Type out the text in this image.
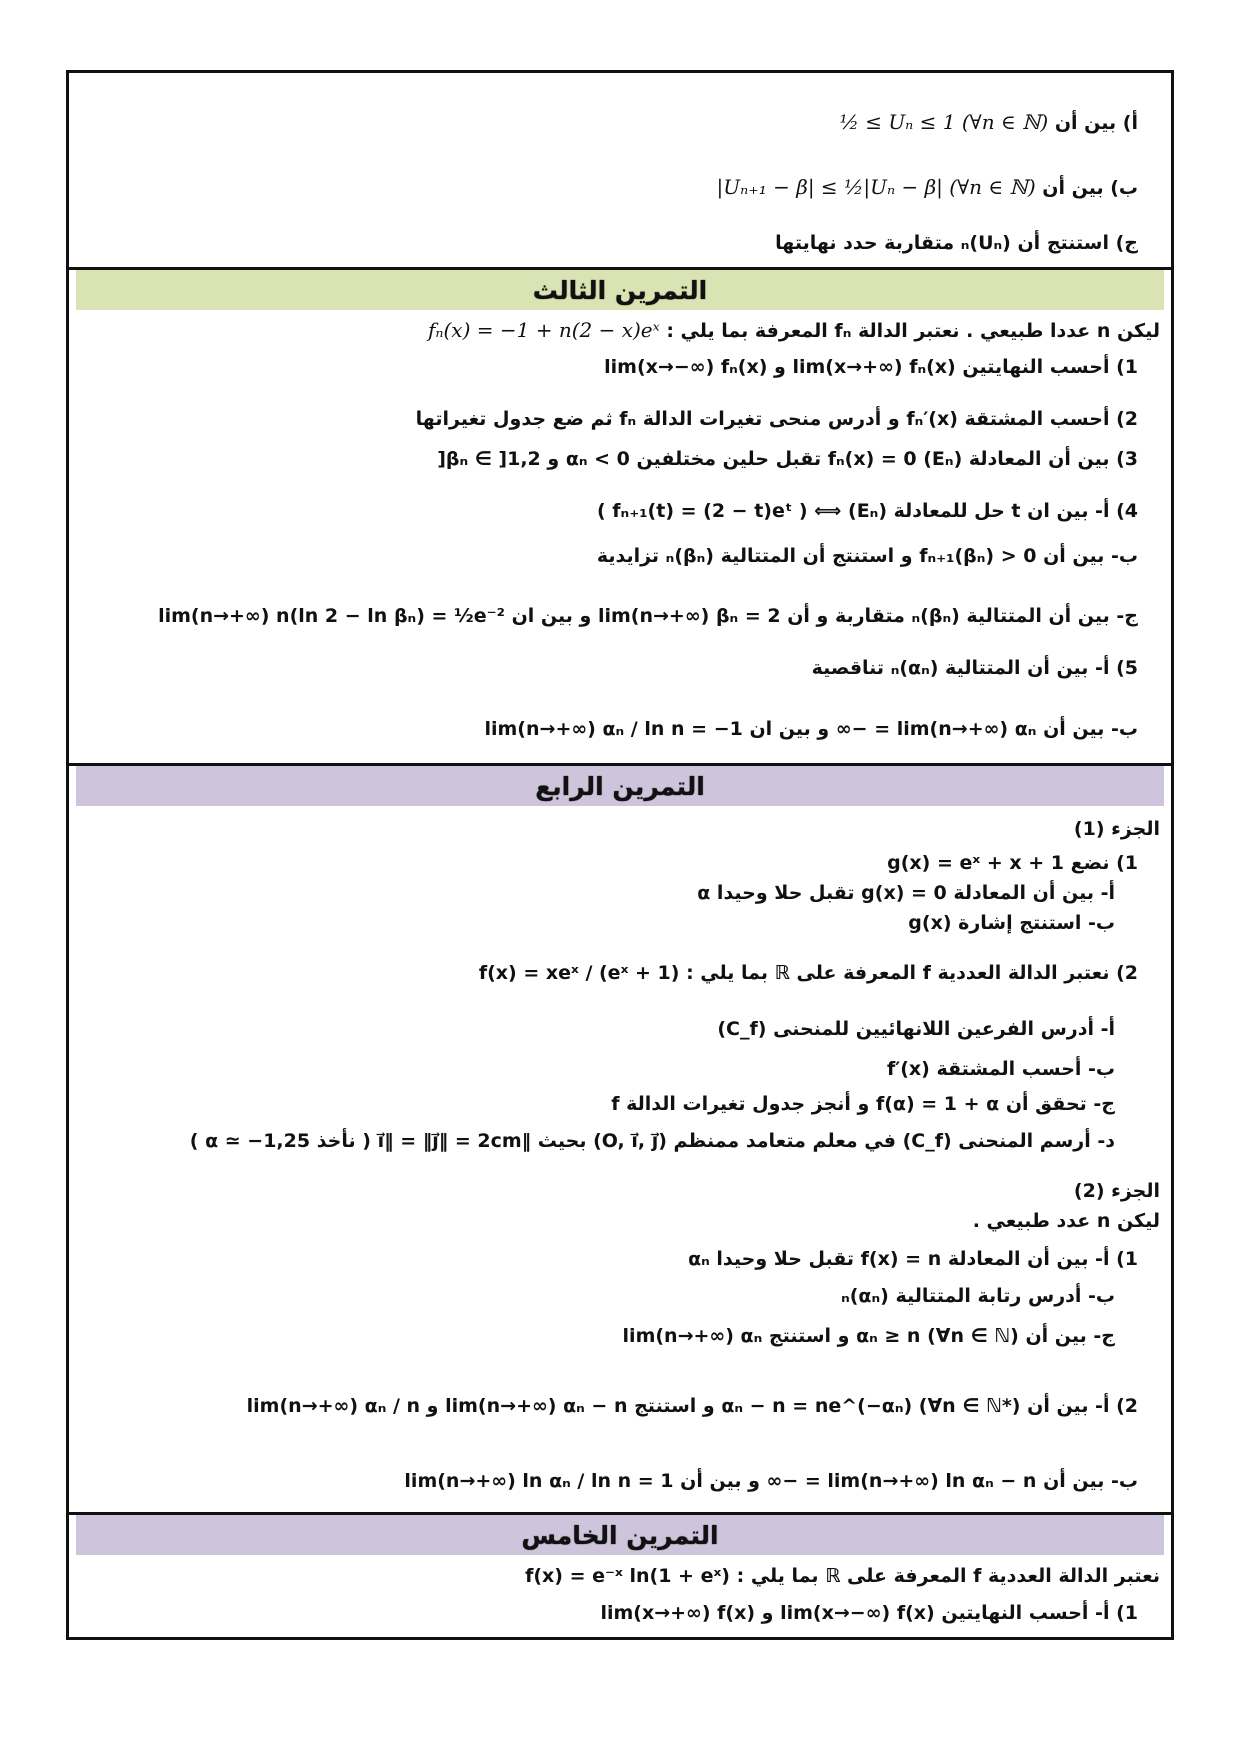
أ) بين أن ½ ≤ Uₙ ≤ 1 (∀n ∈ ℕ)
ب) بين أن |Uₙ₊₁ − β| ≤ ½|Uₙ − β| (∀n ∈ ℕ)
ج) استنتج أن (Uₙ)ₙ متقاربة حدد نهايتها
التمرين الثالث
ليكن n عددا طبيعي . نعتبر الدالة fₙ المعرفة بما يلي : fₙ(x) = −1 + n(2 − x)eˣ
1) أحسب النهايتين lim(x→+∞) fₙ(x) و lim(x→−∞) fₙ(x)
2) أحسب المشتقة fₙ′(x) و أدرس منحى تغيرات الدالة fₙ ثم ضع جدول تغيراتها
3) بين أن المعادلة fₙ(x) = 0 (Eₙ) تقبل حلين مختلفين αₙ < 0 و βₙ ∈ ]1,2[
4) أ- بين ان t حل للمعادلة (Eₙ) ⟺ ( fₙ₊₁(t) = (2 − t)eᵗ )
ب- بين أن fₙ₊₁(βₙ) > 0 و استنتج أن المتتالية (βₙ)ₙ تزايدية
ج- بين أن المتتالية (βₙ)ₙ متقاربة و أن lim(n→+∞) βₙ = 2 و بين ان lim(n→+∞) n(ln 2 − ln βₙ) = ½e⁻²
5) أ- بين أن المتتالية (αₙ)ₙ تناقصية
ب- بين أن lim(n→+∞) αₙ = −∞ و بين ان lim(n→+∞) αₙ / ln n = −1
التمرين الرابع
الجزء (1)
1) نضع g(x) = eˣ + x + 1
أ- بين أن المعادلة g(x) = 0 تقبل حلا وحيدا α
ب- استنتج إشارة g(x)
2) نعتبر الدالة العددية f المعرفة على ℝ بما يلي : f(x) = xeˣ / (eˣ + 1)
أ- أدرس الفرعين اللانهائيين للمنحنى (C_f)
ب- أحسب المشتقة f′(x)
ج- تحقق أن f(α) = 1 + α و أنجز جدول تغيرات الدالة f
د- أرسم المنحنى (C_f) في معلم متعامد ممنظم (O, i⃗, j⃗) بحيث ‖i⃗‖ = ‖j⃗‖ = 2cm ( نأخذ α ≃ −1,25 )
الجزء (2)
ليكن n عدد طبيعي .
1) أ- بين أن المعادلة f(x) = n تقبل حلا وحيدا αₙ
ب- أدرس رتابة المتتالية (αₙ)ₙ
ج- بين أن αₙ ≥ n (∀n ∈ ℕ) و استنتج lim(n→+∞) αₙ
2) أ- بين أن αₙ − n = ne^(−αₙ) (∀n ∈ ℕ*) و استنتج lim(n→+∞) αₙ − n و lim(n→+∞) αₙ / n
ب- بين أن lim(n→+∞) ln αₙ − n = −∞ و بين أن lim(n→+∞) ln αₙ / ln n = 1
التمرين الخامس
نعتبر الدالة العددية f المعرفة على ℝ بما يلي : f(x) = e⁻ˣ ln(1 + eˣ)
1) أ- أحسب النهايتين lim(x→−∞) f(x) و lim(x→+∞) f(x)
